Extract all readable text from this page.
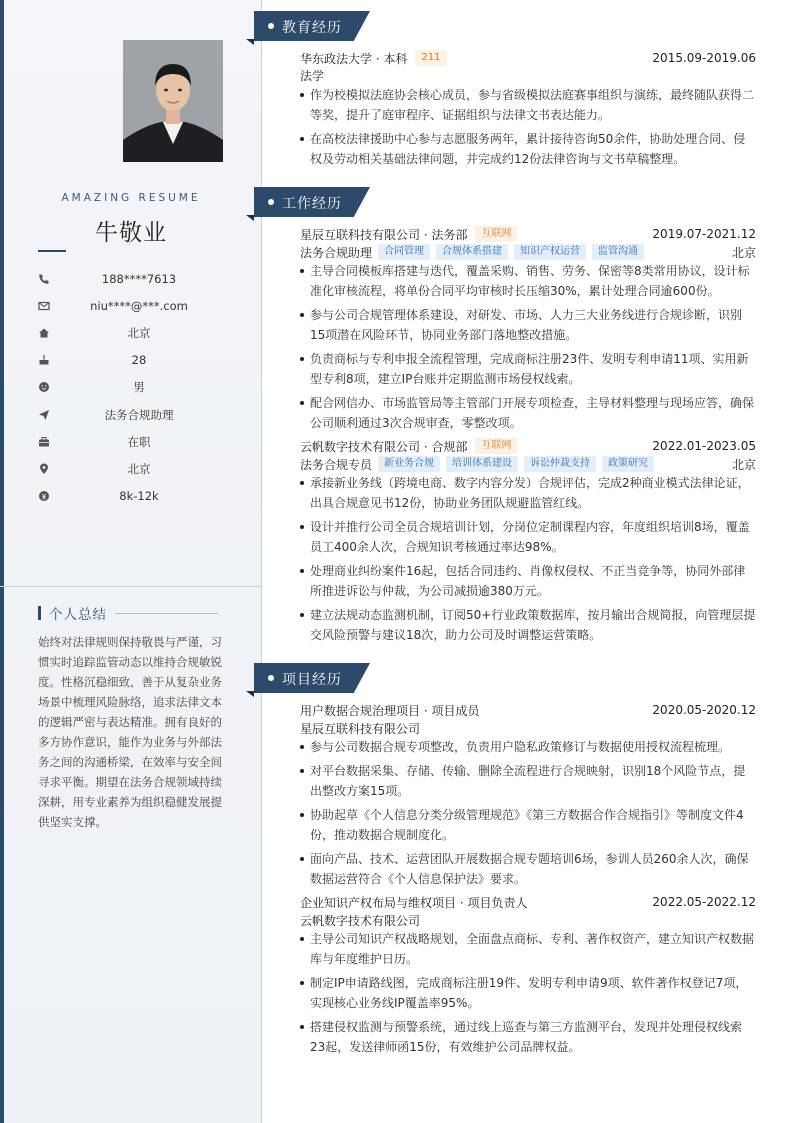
AMAZING RESUME
牛敬业
188****7613
niu****@***.com
北京
28
男
法务合规助理
在职
北京
8k-12k
个人总结
始终对法律规则保持敬畏与严谨，习惯实时追踪监管动态以维持合规敏锐度。性格沉稳细致，善于从复杂业务场景中梳理风险脉络，追求法律文本的逻辑严密与表达精准。拥有良好的多方协作意识，能作为业务与外部法务之间的沟通桥梁，在效率与安全间寻求平衡。期望在法务合规领域持续深耕，用专业素养为组织稳健发展提供坚实支撑。
教育经历
华东政法大学 · 本科	211	2015.09-2019.06
法学
作为校模拟法庭协会核心成员，参与省级模拟法庭赛事组织与演练，最终随队获得二等奖，提升了庭审程序、证据组织与法律文书表达能力。
在高校法律援助中心参与志愿服务两年，累计接待咨询50余件，协助处理合同、侵权及劳动相关基础法律问题，并完成约12份法律咨询与文书草稿整理。
工作经历
星辰互联科技有限公司 · 法务部	互联网	2019.07-2021.12
法务合规助理	合同管理	合规体系搭建	知识产权运营	监管沟通	北京
主导合同模板库搭建与迭代，覆盖采购、销售、劳务、保密等8类常用协议，设计标准化审核流程，将单份合同平均审核时长压缩30%，累计处理合同逾600份。
参与公司合规管理体系建设，对研发、市场、人力三大业务线进行合规诊断，识别15项潜在风险环节，协同业务部门落地整改措施。
负责商标与专利申报全流程管理，完成商标注册23件、发明专利申请11项、实用新型专利8项，建立IP台账并定期监测市场侵权线索。
配合网信办、市场监管局等主管部门开展专项检查，主导材料整理与现场应答，确保公司顺利通过3次合规审查，零整改项。
云帆数字技术有限公司 · 合规部	互联网	2022.01-2023.05
法务合规专员	新业务合规	培训体系建设	诉讼仲裁支持	政策研究	北京
承接新业务线（跨境电商、数字内容分发）合规评估，完成2种商业模式法律论证，出具合规意见书12份，协助业务团队规避监管红线。
设计并推行公司全员合规培训计划，分岗位定制课程内容，年度组织培训8场，覆盖员工400余人次，合规知识考核通过率达98%。
处理商业纠纷案件16起，包括合同违约、肖像权侵权、不正当竞争等，协同外部律所推进诉讼与仲裁，为公司减损逾380万元。
建立法规动态监测机制，订阅50+行业政策数据库，按月输出合规简报，向管理层提交风险预警与建议18次，助力公司及时调整运营策略。
项目经历
用户数据合规治理项目 · 项目成员	2020.05-2020.12
星辰互联科技有限公司
参与公司数据合规专项整改，负责用户隐私政策修订与数据使用授权流程梳理。
对平台数据采集、存储、传输、删除全流程进行合规映射，识别18个风险节点，提出整改方案15项。
协助起草《个人信息分类分级管理规范》《第三方数据合作合规指引》等制度文件4份，推动数据合规制度化。
面向产品、技术、运营团队开展数据合规专题培训6场，参训人员260余人次，确保数据运营符合《个人信息保护法》要求。
企业知识产权布局与维权项目 · 项目负责人	2022.05-2022.12
云帆数字技术有限公司
主导公司知识产权战略规划，全面盘点商标、专利、著作权资产，建立知识产权数据库与年度维护日历。
制定IP申请路线图，完成商标注册19件、发明专利申请9项、软件著作权登记7项，实现核心业务线IP覆盖率95%。
搭建侵权监测与预警系统，通过线上巡查与第三方监测平台，发现并处理侵权线索23起，发送律师函15份，有效维护公司品牌权益。
